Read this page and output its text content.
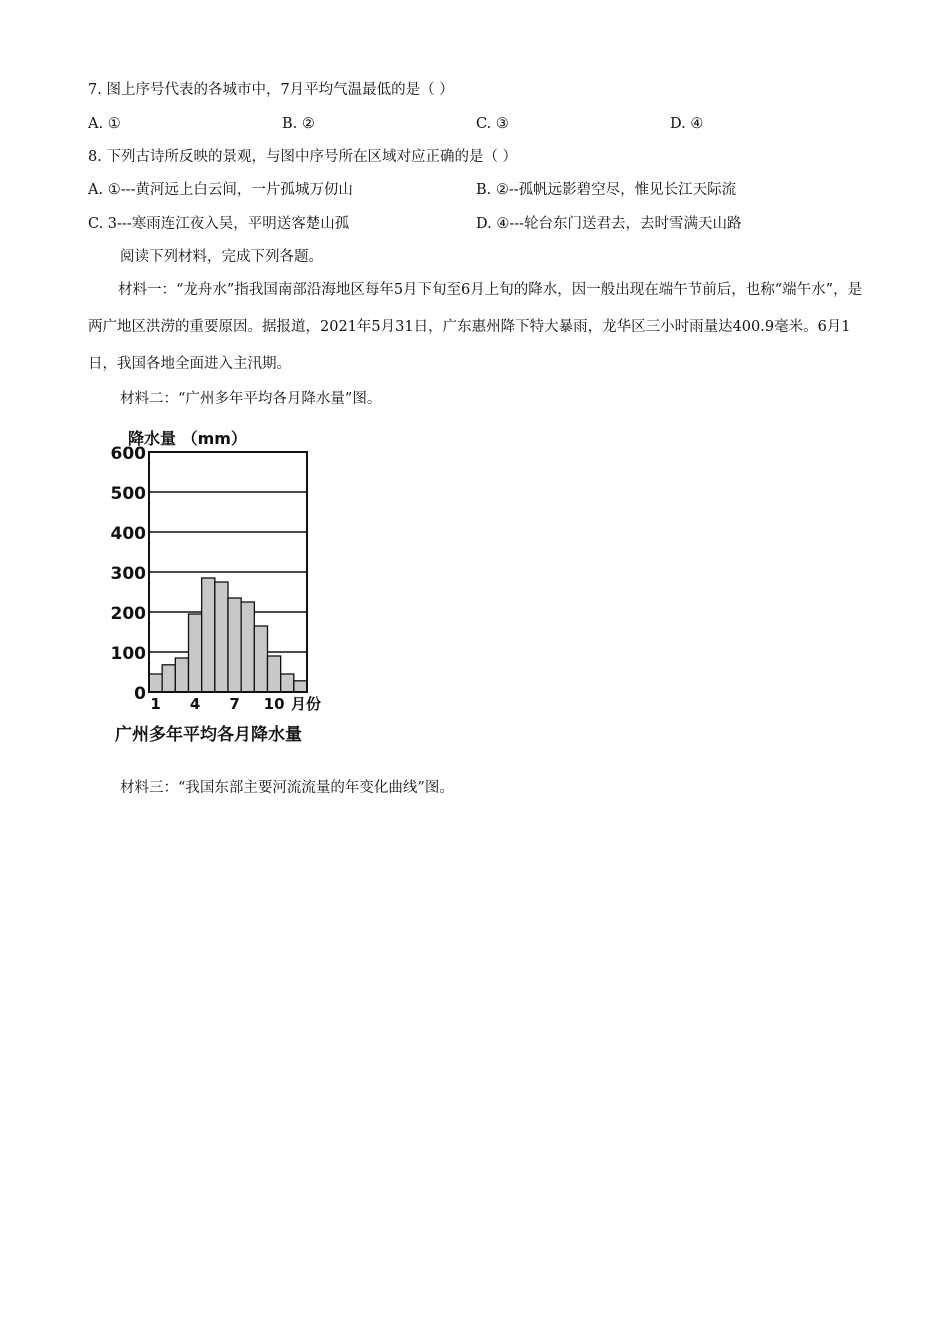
7. 图上序号代表的各城市中，7月平均气温最低的是（ ）
A. ①	B. ②	C. ③	D. ④
8. 下列古诗所反映的景观，与图中序号所在区域对应正确的是（ ）
A. ①---黄河远上白云间，一片孤城万仞山	B. ②--孤帆远影碧空尽，惟见长江天际流
C. 3---寒雨连江夜入吴，平明送客楚山孤	D. ④---轮台东门送君去，去时雪满天山路
阅读下列材料，完成下列各题。
材料一：“龙舟水”指我国南部沿海地区每年5月下旬至6月上旬的降水，因一般出现在端午节前后，也称“端午水”，是两广地区洪涝的重要原因。据报道，2021年5月31日，广东惠州降下特大暴雨，龙华区三小时雨量达400.9毫米。6月1日，我国各地全面进入主汛期。
材料二：“广州多年平均各月降水量”图。
降水量 （mm）
0
100
200
300
400
500
600
1 4 7 10 月份
广州多年平均各月降水量
材料三：“我国东部主要河流流量的年变化曲线”图。
